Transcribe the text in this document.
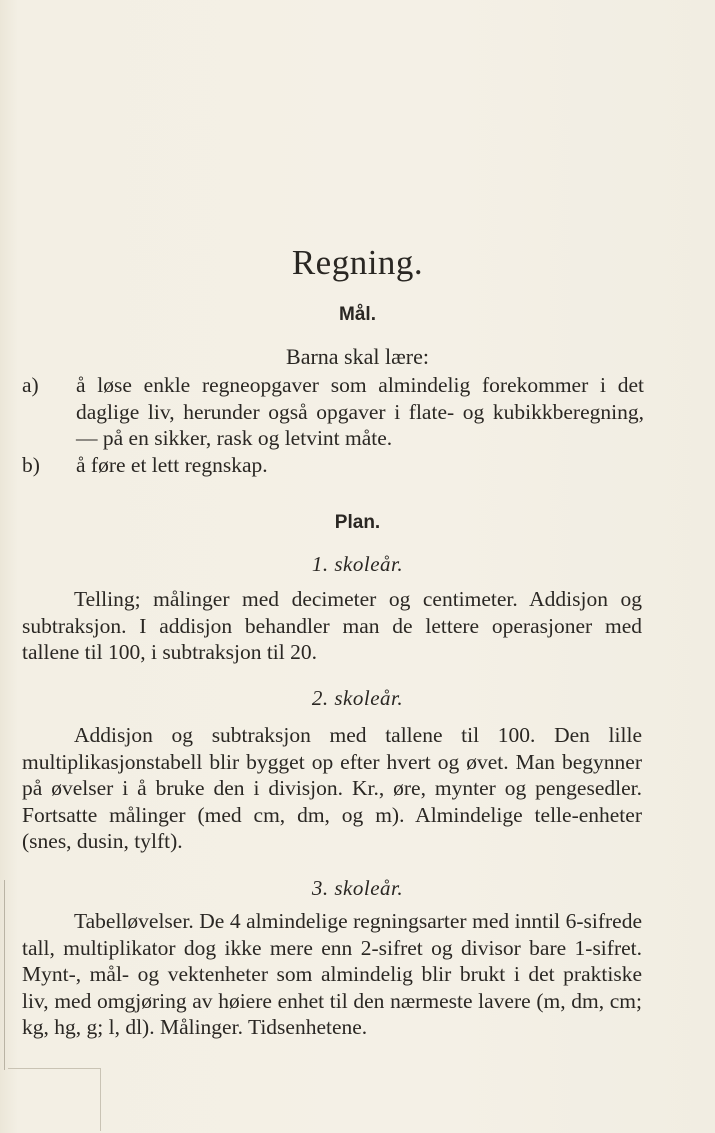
Regning.
Mål.
Barna skal lære:
a)	å løse enkle regneopgaver som almindelig forekommer i det daglige liv, herunder også opgaver i flate- og kubikkberegning, — på en sikker, rask og letvint måte.
b)	å føre et lett regnskap.
Plan.
1. skoleår.
Telling; målinger med decimeter og centimeter. Addisjon og subtraksjon. I addisjon behandler man de lettere operasjoner med tallene til 100, i subtraksjon til 20.
2. skoleår.
Addisjon og subtraksjon med tallene til 100. Den lille multiplikasjonstabell blir bygget op efter hvert og øvet. Man begynner på øvelser i å bruke den i divisjon. Kr., øre, mynter og pengesedler. Fortsatte målinger (med cm, dm, og m). Almindelige telle-enheter (snes, dusin, tylft).
3. skoleår.
Tabelløvelser. De 4 almindelige regningsarter med inntil 6-sifrede tall, multiplikator dog ikke mere enn 2-sifret og divisor bare 1-sifret. Mynt-, mål- og vektenheter som almindelig blir brukt i det praktiske liv, med omgjøring av høiere enhet til den nærmeste lavere (m, dm, cm; kg, hg, g; l, dl). Målinger. Tidsenhetene.
